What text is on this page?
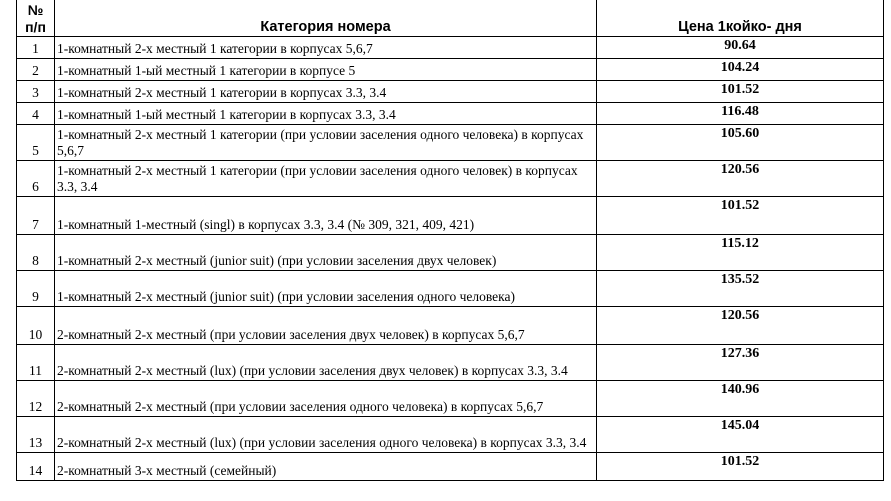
№
п/п	Категория номера	Цена 1койко- дня
1	1-комнатный 2-х местный 1 категории в корпусах 5,6,7	90.64
2	1-комнатный 1-ый местный 1 категории в корпусе 5	104.24
3	1-комнатный 2-х местный 1 категории в корпусах 3.3, 3.4	101.52
4	1-комнатный 1-ый местный 1 категории в корпусах 3.3, 3.4	116.48
5	1-комнатный 2-х местный 1 категории (при условии заселения одного человека) в корпусах 5,6,7	105.60
6	1-комнатный 2-х местный 1 категории (при условии заселения одного человек) в корпусах 3.3, 3.4	120.56
7	1-комнатный 1-местный (singl) в корпусах 3.3, 3.4 (№ 309, 321, 409, 421)	101.52
8	1-комнатный 2-х местный (junior suit) (при условии заселения двух человек)	115.12
9	1-комнатный 2-х местный (junior suit) (при условии заселения одного человека)	135.52
10	2-комнатный 2-х местный (при условии заселения двух человек) в корпусах 5,6,7	120.56
11	2-комнатный 2-х местный (lux) (при условии заселения двух человек) в корпусах 3.3, 3.4	127.36
12	2-комнатный 2-х местный (при условии заселения одного человека) в корпусах 5,6,7	140.96
13	2-комнатный 2-х местный (lux) (при условии заселения одного человека) в корпусах 3.3, 3.4	145.04
14	2-комнатный 3-х местный (семейный)	101.52
